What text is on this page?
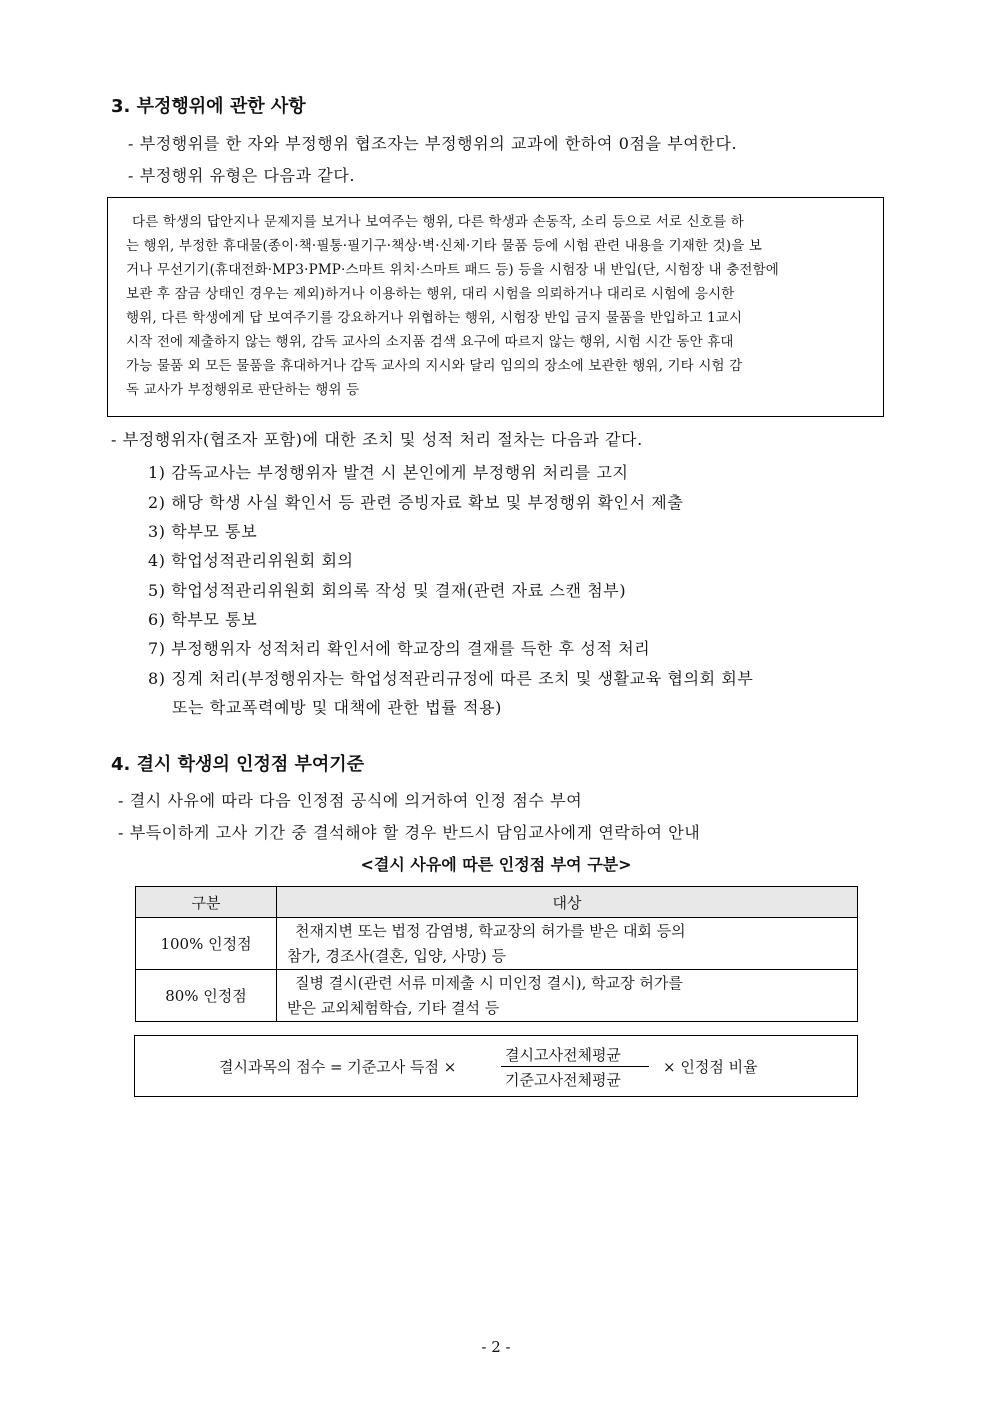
3. 부정행위에 관한 사항
- 부정행위를 한 자와 부정행위 협조자는 부정행위의 교과에 한하여 0점을 부여한다.
- 부정행위 유형은 다음과 같다.
다른 학생의 답안지나 문제지를 보거나 보여주는 행위, 다른 학생과 손동작, 소리 등으로 서로 신호를 하
는 행위, 부정한 휴대물(종이·책·필통·필기구·책상·벽·신체·기타 물품 등에 시험 관련 내용을 기재한 것)을 보
거나 무선기기(휴대전화·MP3·PMP·스마트 위치·스마트 패드 등) 등을 시험장 내 반입(단, 시험장 내 충전함에
보관 후 잠금 상태인 경우는 제외)하거나 이용하는 행위, 대리 시험을 의뢰하거나 대리로 시험에 응시한
행위, 다른 학생에게 답 보여주기를 강요하거나 위협하는 행위, 시험장 반입 금지 물품을 반입하고 1교시
시작 전에 제출하지 않는 행위, 감독 교사의 소지품 검색 요구에 따르지 않는 행위, 시험 시간 동안 휴대
가능 물품 외 모든 물품을 휴대하거나 감독 교사의 지시와 달리 임의의 장소에 보관한 행위, 기타 시험 감
독 교사가 부정행위로 판단하는 행위 등
- 부정행위자(협조자 포함)에 대한 조치 및 성적 처리 절차는 다음과 같다.
1) 감독교사는 부정행위자 발견 시 본인에게 부정행위 처리를 고지
2) 해당 학생 사실 확인서 등 관련 증빙자료 확보 및 부정행위 확인서 제출
3) 학부모 통보
4) 학업성적관리위원회 회의
5) 학업성적관리위원회 회의록 작성 및 결재(관련 자료 스캔 첨부)
6) 학부모 통보
7) 부정행위자 성적처리 확인서에 학교장의 결재를 득한 후 성적 처리
8) 징계 처리(부정행위자는 학업성적관리규정에 따른 조치 및 생활교육 협의회 회부
또는 학교폭력예방 및 대책에 관한 법률 적용)
4. 결시 학생의 인정점 부여기준
- 결시 사유에 따라 다음 인정점 공식에 의거하여 인정 점수 부여
- 부득이하게 고사 기간 중 결석해야 할 경우 반드시 담임교사에게 연락하여 안내
<결시 사유에 따른 인정점 부여 구분>
구분	대상
100% 인정점	천재지변 또는 법정 감염병, 학교장의 허가를 받은 대회 등의
참가, 경조사(결혼, 입양, 사망) 등

80% 인정점	질병 결시(관련 서류 미제출 시 미인정 결시), 학교장 허가를
받은 교외체험학습, 기타 결석 등
결시과목의 점수 = 기준고사 득점 ×
결시고사전체평균
기준고사전체평균
× 인정점 비율
- 2 -
